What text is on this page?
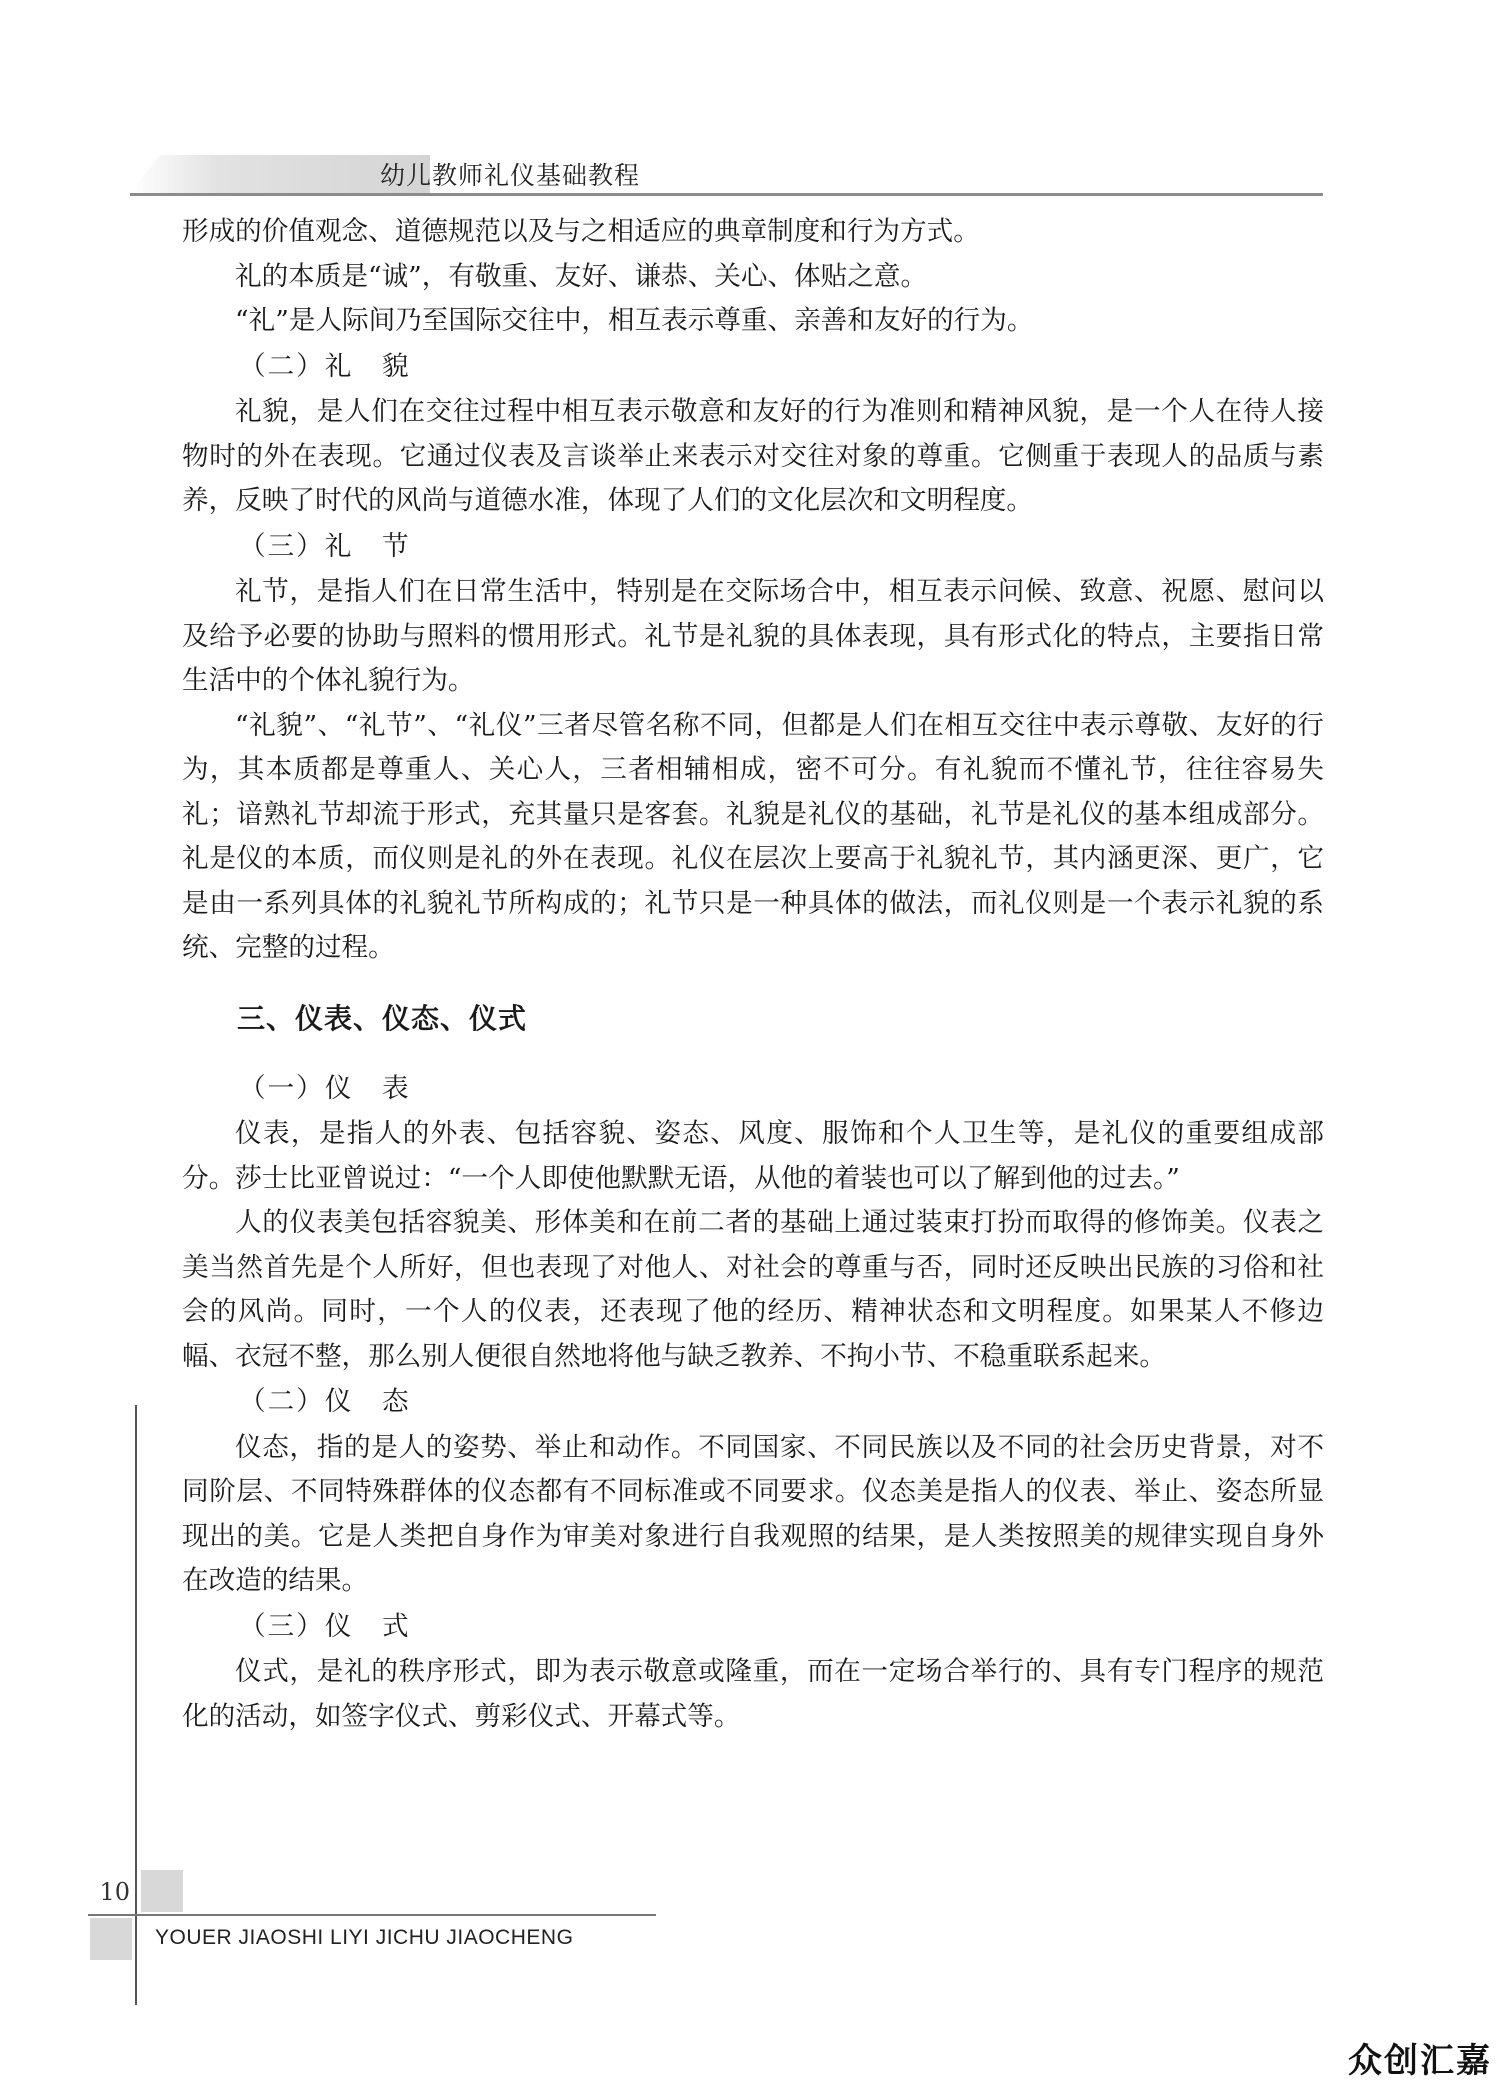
幼儿教师礼仪基础教程

形成的价值观念、道德规范以及与之相适应的典章制度和行为方式。

礼的本质是“诚”，有敬重、友好、谦恭、关心、体贴之意。

“礼”是人际间乃至国际交往中，相互表示尊重、亲善和友好的行为。

（二）礼　貌

礼貌，是人们在交往过程中相互表示敬意和友好的行为准则和精神风貌，是一个人在待人接物时的外在表现。它通过仪表及言谈举止来表示对交往对象的尊重。它侧重于表现人的品质与素养，反映了时代的风尚与道德水准，体现了人们的文化层次和文明程度。

（三）礼　节

礼节，是指人们在日常生活中，特别是在交际场合中，相互表示问候、致意、祝愿、慰问以及给予必要的协助与照料的惯用形式。礼节是礼貌的具体表现，具有形式化的特点，主要指日常生活中的个体礼貌行为。

“礼貌”、“礼节”、“礼仪”三者尽管名称不同，但都是人们在相互交往中表示尊敬、友好的行为，其本质都是尊重人、关心人，三者相辅相成，密不可分。有礼貌而不懂礼节，往往容易失礼；谙熟礼节却流于形式，充其量只是客套。礼貌是礼仪的基础，礼节是礼仪的基本组成部分。礼是仪的本质，而仪则是礼的外在表现。礼仪在层次上要高于礼貌礼节，其内涵更深、更广，它是由一系列具体的礼貌礼节所构成的；礼节只是一种具体的做法，而礼仪则是一个表示礼貌的系统、完整的过程。

三、仪表、仪态、仪式
（一）仪　表

仪表，是指人的外表、包括容貌、姿态、风度、服饰和个人卫生等，是礼仪的重要组成部分。莎士比亚曾说过：“一个人即使他默默无语，从他的着装也可以了解到他的过去。”

人的仪表美包括容貌美、形体美和在前二者的基础上通过装束打扮而取得的修饰美。仪表之美当然首先是个人所好，但也表现了对他人、对社会的尊重与否，同时还反映出民族的习俗和社会的风尚。同时，一个人的仪表，还表现了他的经历、精神状态和文明程度。如果某人不修边幅、衣冠不整，那么别人便很自然地将他与缺乏教养、不拘小节、不稳重联系起来。

（二）仪　态

仪态，指的是人的姿势、举止和动作。不同国家、不同民族以及不同的社会历史背景，对不同阶层、不同特殊群体的仪态都有不同标准或不同要求。仪态美是指人的仪表、举止、姿态所显现出的美。它是人类把自身作为审美对象进行自我观照的结果，是人类按照美的规律实现自身外在改造的结果。

（三）仪　式

仪式，是礼的秩序形式，即为表示敬意或隆重，而在一定场合举行的、具有专门程序的规范化的活动，如签字仪式、剪彩仪式、开幕式等。

10
YOUER JIAOSHI LIYI JICHU JIAOCHENG
众创汇嘉
